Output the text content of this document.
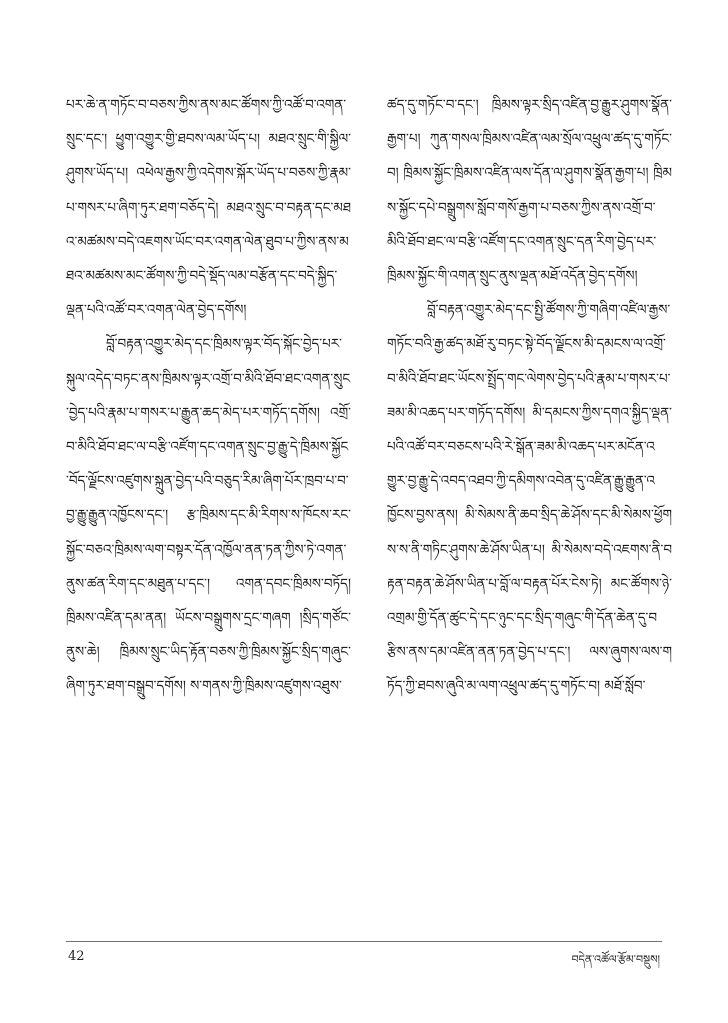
པར་ཆེ་ན་གཏོང་བ་བཅས་ཀྱིས་ནས་མང་ཚོགས་ཀྱི་འཚོ་བ་འགན་སྲུང་དང་། ཕྱུག་འགྱུར་གྱི་ཐབས་ལམ་ཡོད་པ། མཐའ་སྲུང་གི་སྐྱིལ་ཤུགས་ཡོད་པ། འཕེལ་རྒྱས་ཀྱི་འདེགས་སྐོར་ཡོད་པ་བཅས་ཀྱི་རྣམ་པ་གསར་པ་ཞིག་ཏུར་ཐག་བཅོད་དེ། མཐའ་སྲུང་བ་བརྟན་དང་མཐའ་མཚམས་བདེ་འཇགས་ཡོང་བར་འགན་ལེན་ཐུབ་པ་ཀྱིས་ནས་མཐའ་མཚམས་མང་ཚོགས་ཀྱི་བདེ་སྡོད་ལམ་བརྩོན་དང་བདེ་སྐྱིད་ལྡན་པའི་འཚོ་བར་འགན་ལེན་བྱེད་དགོས།

བློ་བརྟན་འགྱུར་མེད་དང་ཁྲིམས་ལྟར་བོད་སྐོང་བྱེད་པར་སྐུལ་འདེད་བཏང་ནས་ཁྲིམས་ལྟར་འགྲོ་བ་མིའི་ཐོབ་ཐང་འགན་སྲུང་བྱེད་པའི་རྣམ་པ་གསར་པ་རྒྱུན་ཆད་མེད་པར་གཏོད་དགོས། འགྲོ་བ་མིའི་ཐོབ་ཐང་ལ་བརྩི་འཛོག་དང་འགན་སྲུང་བྱ་རྒྱུ་དེ་ཁྲིམས་སྐྱོང་བོད་ལྗོངས་འཛུགས་སྐྲུན་བྱེད་པའི་བཅུད་རིམ་ཞིག་པོར་ཁྲབ་པ་བ་བྱ་རྒྱུ་རྒྱུན་འཁྱོངས་དང་། རྩ་ཁྲིམས་དང་མི་རིགས་ས་ཁོངས་རང་སྐྱོང་བཅའ་ཁྲིམས་ལག་བསྟར་དོན་འཁྱོལ་ནན་ཏན་ཀྱིས་ཏེ་འགན་ནུས་ཚན་རིག་དང་མཐུན་པ་དང་། འགན་དབང་ཁྲིམས་བཏོད། ཁྲིམས་འཛིན་དམ་ནན། ཡོངས་བསྒྲུགས་དྲང་གཞག །སྲིད་གཙོང་ནུས་ཆེ། ཁྲིམས་སྲུང་ཡིད་རྟོན་བཅས་ཀྱི་ཁྲིམས་སྐྱོང་སྲིད་གཞུང་ཞིག་ཏུར་ཐག་བསྒྲུབ་དགོས། ས་གནས་ཀྱི་ཁྲིམས་འཛུགས་འཐུས་

ཚད་དུ་གཏོང་བ་དང་། ཁྲིམས་ལྟར་སྲིད་འཛིན་བྱ་རྒྱུར་ཤུགས་སྣོན་རྒྱག་པ། ཀུན་གསལ་ཁྲིམས་འཛིན་ལམ་སྲོལ་འཕྲུལ་ཚད་དུ་གཏོང་བ། ཁྲིམས་སྐྱོང་ཁྲིམས་འཛིན་ལས་དོན་ལ་ཤུགས་སྣོན་རྒྱག་པ། ཁྲིམས་སྐྱོང་དཔེ་བསྒྲུགས་སློབ་གསོ་རྒྱག་པ་བཅས་ཀྱིས་ནས་འགྲོ་བ་མིའི་ཐོབ་ཐང་ལ་བརྩི་འཛོག་དང་འགན་སྲུང་དན་རིག་བྱེད་པར་ཁྲིམས་སྐྱོང་གི་འགན་སྲུང་ནུས་ལྡན་མཐོ་འདོན་བྱེད་དགོས།

བློ་བརྟན་འགྱུར་མེད་དང་སྤྱི་ཚོགས་ཀྱི་གཞིག་འཛིལ་རྒྱས་གཏོང་བའི་རྒྱ་ཚད་མཐོ་རུ་བཏང་སྟེ་བོད་ལྗོངས་མི་དམངས་ལ་འགྲོ་བ་མིའི་ཐོབ་ཐང་ཡོངས་སྤྲོད་གང་ལེགས་བྱེད་པའི་རྣམ་པ་གསར་པ་ཟམ་མི་འཆད་པར་གཏོད་དགོས། མི་དམངས་ཀྱིས་དགའ་སྐྱིད་ལྡན་པའི་འཚོ་བར་བཅངས་པའི་རེ་སྒོན་ཟམ་མི་འཆད་པར་མངོན་འགྱུར་བྱ་རྒྱུ་དེ་འབད་འཐབ་ཀྱི་དམིགས་འབེན་དུ་འཛིན་རྒྱུ་རྒྱུན་འཁྱོངས་བྱས་ནས། མི་སེམས་ནི་ཆབ་སྲིད་ཆེ་ཤོས་དང་མི་སེམས་ཕྱོགས་ས་ནི་གཏིང་ཤུགས་ཆེ་ཤོས་ཡིན་པ། མི་སེམས་བདེ་འཇགས་ནི་བརྟན་བརྟན་ཆེ་ཤོས་ཡིན་པ་བློ་ལ་བརྟན་པོར་ངེས་ཏེ། མང་ཚོགས་ཉེ་འགྲམ་གྱི་དོན་ཚུང་དེ་དང་ཉུང་དང་སྲིད་གཞུང་གི་དོན་ཆེན་དུ་བརྩིས་ནས་དམ་འཛིན་ནན་ཏན་བྱེད་པ་དང་། ལས་ཞུགས་ལས་གཏོད་ཀྱི་ཐབས་ཞུའི་མ་ལག་འཕྲུལ་ཚད་དུ་གཏོང་བ། མཐོ་སློབ་

42	བདེན་འཚོལ་རྩོམ་བསྡུས།
